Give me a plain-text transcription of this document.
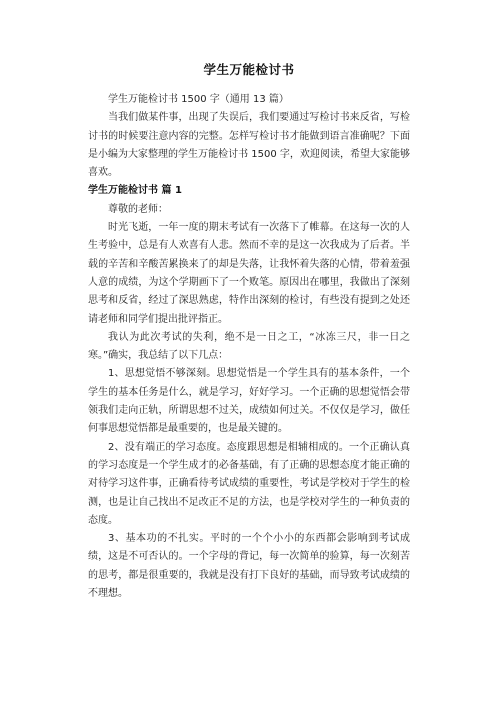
学生万能检讨书

学生万能检讨书 1500 字（通用 13 篇）

当我们做某件事，出现了失误后，我们要通过写检讨书来反省，写检讨书的时候要注意内容的完整。怎样写检讨书才能做到语言准确呢？下面是小编为大家整理的学生万能检讨书 1500 字，欢迎阅读，希望大家能够喜欢。

学生万能检讨书 篇 1

尊敬的老师：

时光飞逝，一年一度的期末考试有一次落下了帷幕。在这每一次的人生考验中，总是有人欢喜有人悲。然而不幸的是这一次我成为了后者。半载的辛苦和辛酸苦累换来了的却是失落，让我怀着失落的心情，带着羞强人意的成绩，为这个学期画下了一个败笔。原因出在哪里，我做出了深刻思考和反省，经过了深思熟虑，特作出深刻的检讨，有些没有提到之处还请老师和同学们提出批评指正。

我认为此次考试的失利，绝不是一日之工，“冰冻三尺，非一日之寒。”确实，我总结了以下几点：

1、思想觉悟不够深刻。思想觉悟是一个学生具有的基本条件，一个学生的基本任务是什么，就是学习，好好学习。一个正确的思想觉悟会带领我们走向正轨，所谓思想不过关，成绩如何过关。不仅仅是学习，做任何事思想觉悟都是最重要的，也是最关键的。

2、没有端正的学习态度。态度跟思想是相辅相成的。一个正确认真的学习态度是一个学生成才的必备基础，有了正确的思想态度才能正确的对待学习这件事，正确看待考试成绩的重要性，考试是学校对于学生的检测，也是让自己找出不足改正不足的方法，也是学校对学生的一种负责的态度。

3、基本功的不扎实。平时的一个个小小的东西都会影响到考试成绩，这是不可否认的。一个字母的背记，每一次简单的验算，每一次刻苦的思考，都是很重要的，我就是没有打下良好的基础，而导致考试成绩的不理想。
